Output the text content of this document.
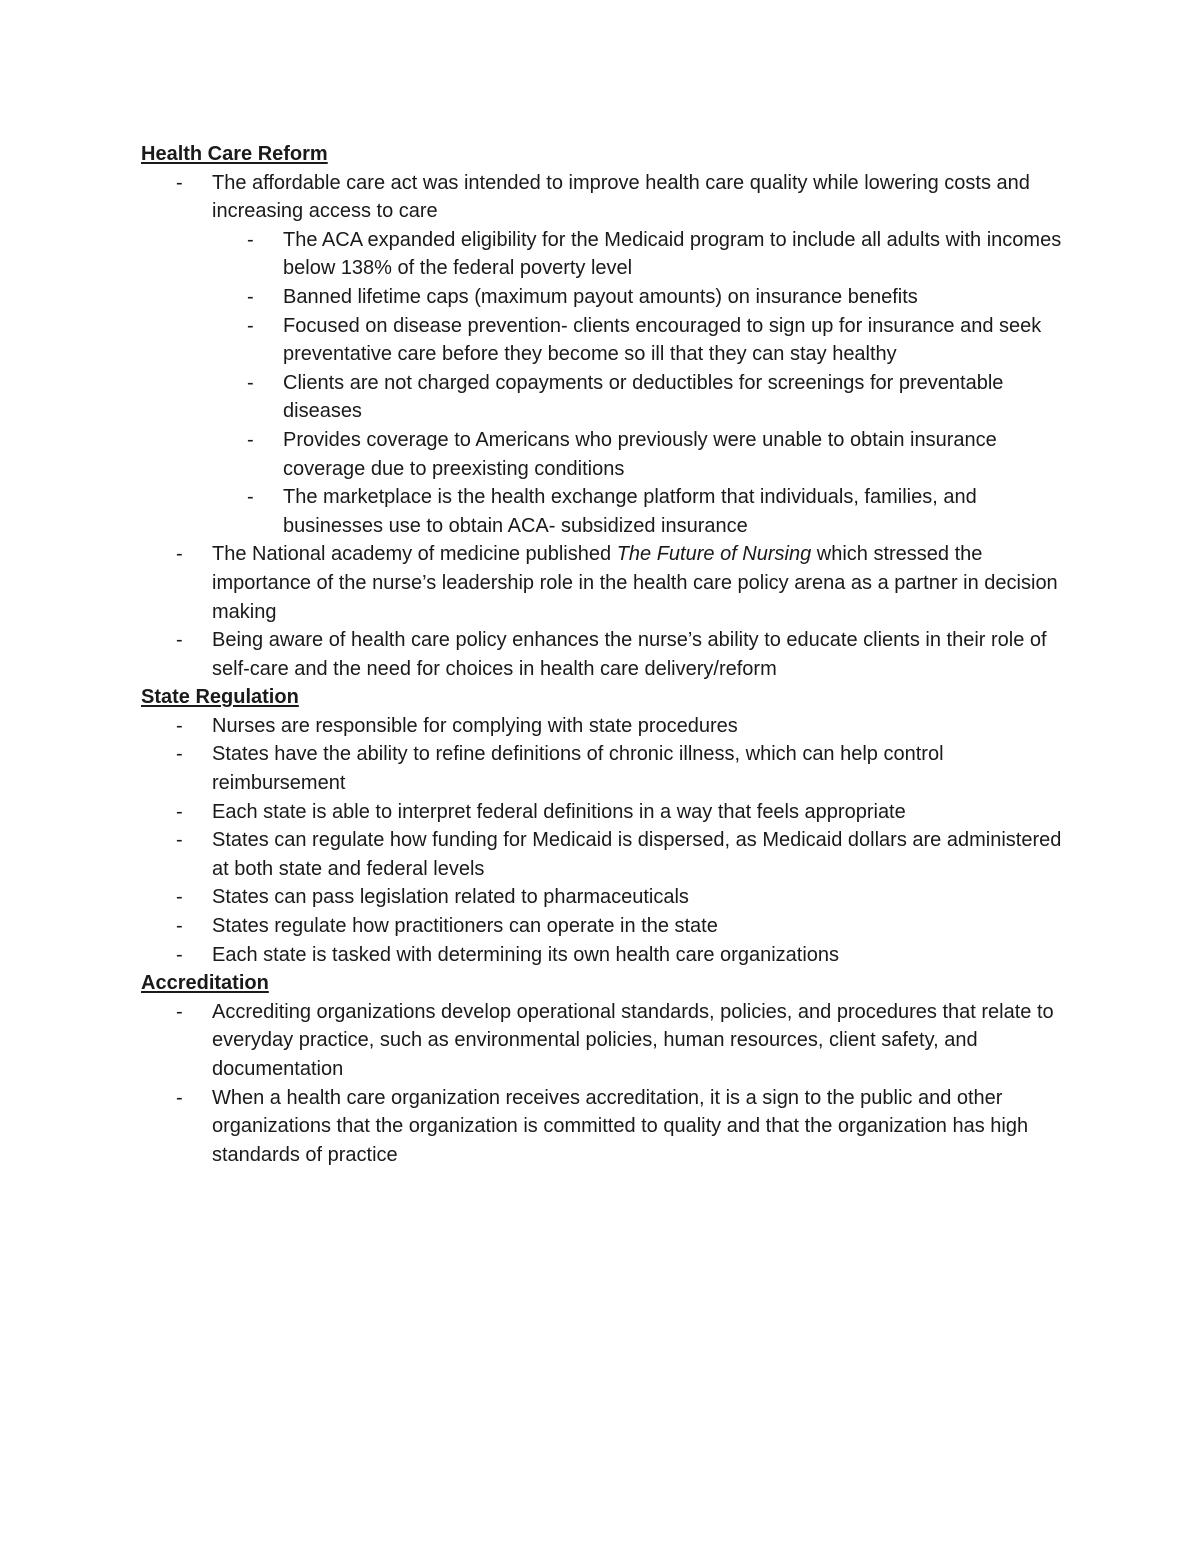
Health Care Reform

- The affordable care act was intended to improve health care quality while lowering costs and increasing access to care
- The ACA expanded eligibility for the Medicaid program to include all adults with incomes below 138% of the federal poverty level
- Banned lifetime caps (maximum payout amounts) on insurance benefits
- Focused on disease prevention- clients encouraged to sign up for insurance and seek preventative care before they become so ill that they can stay healthy
- Clients are not charged copayments or deductibles for screenings for preventable diseases
- Provides coverage to Americans who previously were unable to obtain insurance coverage due to preexisting conditions
- The marketplace is the health exchange platform that individuals, families, and businesses use to obtain ACA- subsidized insurance
- The National academy of medicine published The Future of Nursing which stressed the importance of the nurse’s leadership role in the health care policy arena as a partner in decision making
- Being aware of health care policy enhances the nurse’s ability to educate clients in their role of self-care and the need for choices in health care delivery/reform

State Regulation

- Nurses are responsible for complying with state procedures
- States have the ability to refine definitions of chronic illness, which can help control reimbursement
- Each state is able to interpret federal definitions in a way that feels appropriate
- States can regulate how funding for Medicaid is dispersed, as Medicaid dollars are administered at both state and federal levels
- States can pass legislation related to pharmaceuticals
- States regulate how practitioners can operate in the state
- Each state is tasked with determining its own health care organizations

Accreditation

- Accrediting organizations develop operational standards, policies, and procedures that relate to everyday practice, such as environmental policies, human resources, client safety, and documentation
- When a health care organization receives accreditation, it is a sign to the public and other organizations that the organization is committed to quality and that the organization has high standards of practice
